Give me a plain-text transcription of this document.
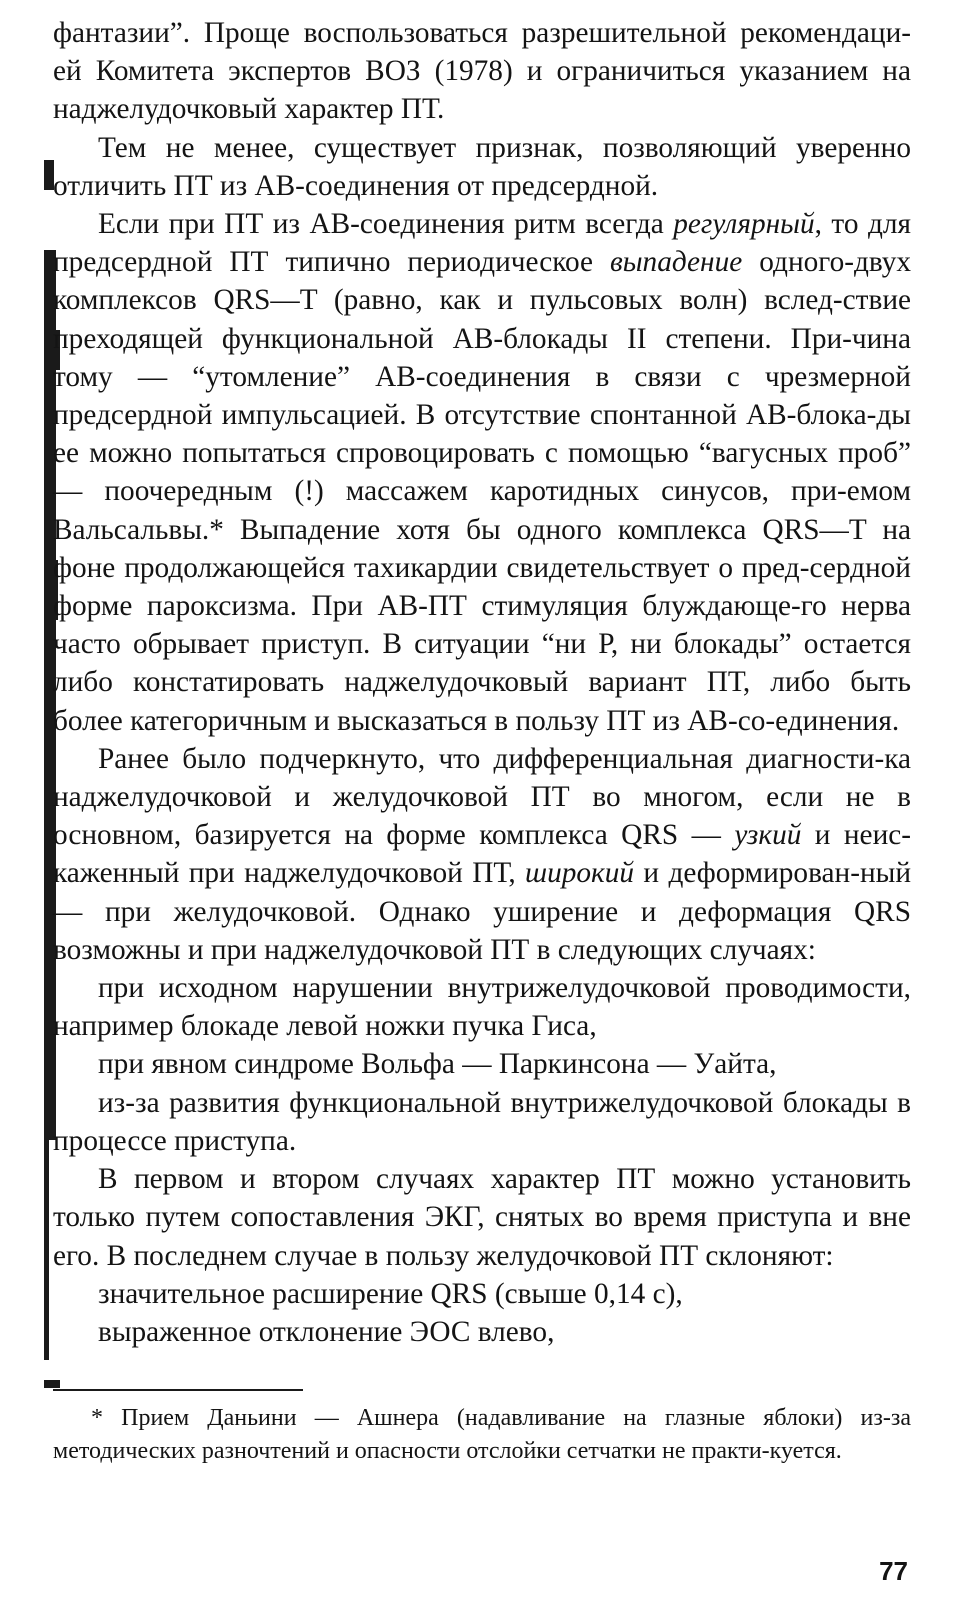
фантазии”. Проще воспользоваться разрешительной рекомендаци-ей Комитета экспертов ВОЗ (1978) и ограничиться указанием на наджелудочковый характер ПТ.

Тем не менее, существует признак, позволяющий уверенно отличить ПТ из АВ-соединения от предсердной.

Если при ПТ из АВ-соединения ритм всегда регулярный, то для предсердной ПТ типично периодическое выпадение одного-двух комплексов QRS—T (равно, как и пульсовых волн) вслед-ствие преходящей функциональной АВ-блокады II степени. При-чина тому — “утомление” АВ-соединения в связи с чрезмерной предсердной импульсацией. В отсутствие спонтанной АВ-блока-ды ее можно попытаться спровоцировать с помощью “вагусных проб” — поочередным (!) массажем каротидных синусов, при-емом Вальсальвы.* Выпадение хотя бы одного комплекса QRS—T на фоне продолжающейся тахикардии свидетельствует о пред-сердной форме пароксизма. При АВ-ПТ стимуляция блуждающе-го нерва часто обрывает приступ. В ситуации “ни Р, ни блокады” остается либо констатировать наджелудочковый вариант ПТ, либо быть более категоричным и высказаться в пользу ПТ из АВ-со-единения.

Ранее было подчеркнуто, что дифференциальная диагности-ка наджелудочковой и желудочковой ПТ во многом, если не в основном, базируется на форме комплекса QRS — узкий и неис-каженный при наджелудочковой ПТ, широкий и деформирован-ный — при желудочковой. Однако уширение и деформация QRS возможны и при наджелудочковой ПТ в следующих случаях:

при исходном нарушении внутрижелудочковой проводимости, например блокаде левой ножки пучка Гиса,

при явном синдроме Вольфа — Паркинсона — Уайта,

из-за развития функциональной внутрижелудочковой блокады в процессе приступа.

В первом и втором случаях характер ПТ можно установить только путем сопоставления ЭКГ, снятых во время приступа и вне его. В последнем случае в пользу желудочковой ПТ склоняют:

значительное расширение QRS (свыше 0,14 с),

выраженное отклонение ЭОС влево,

* Прием Даньини — Ашнера (надавливание на глазные яблоки) из-за методических разночтений и опасности отслойки сетчатки не практи-куется.
77
